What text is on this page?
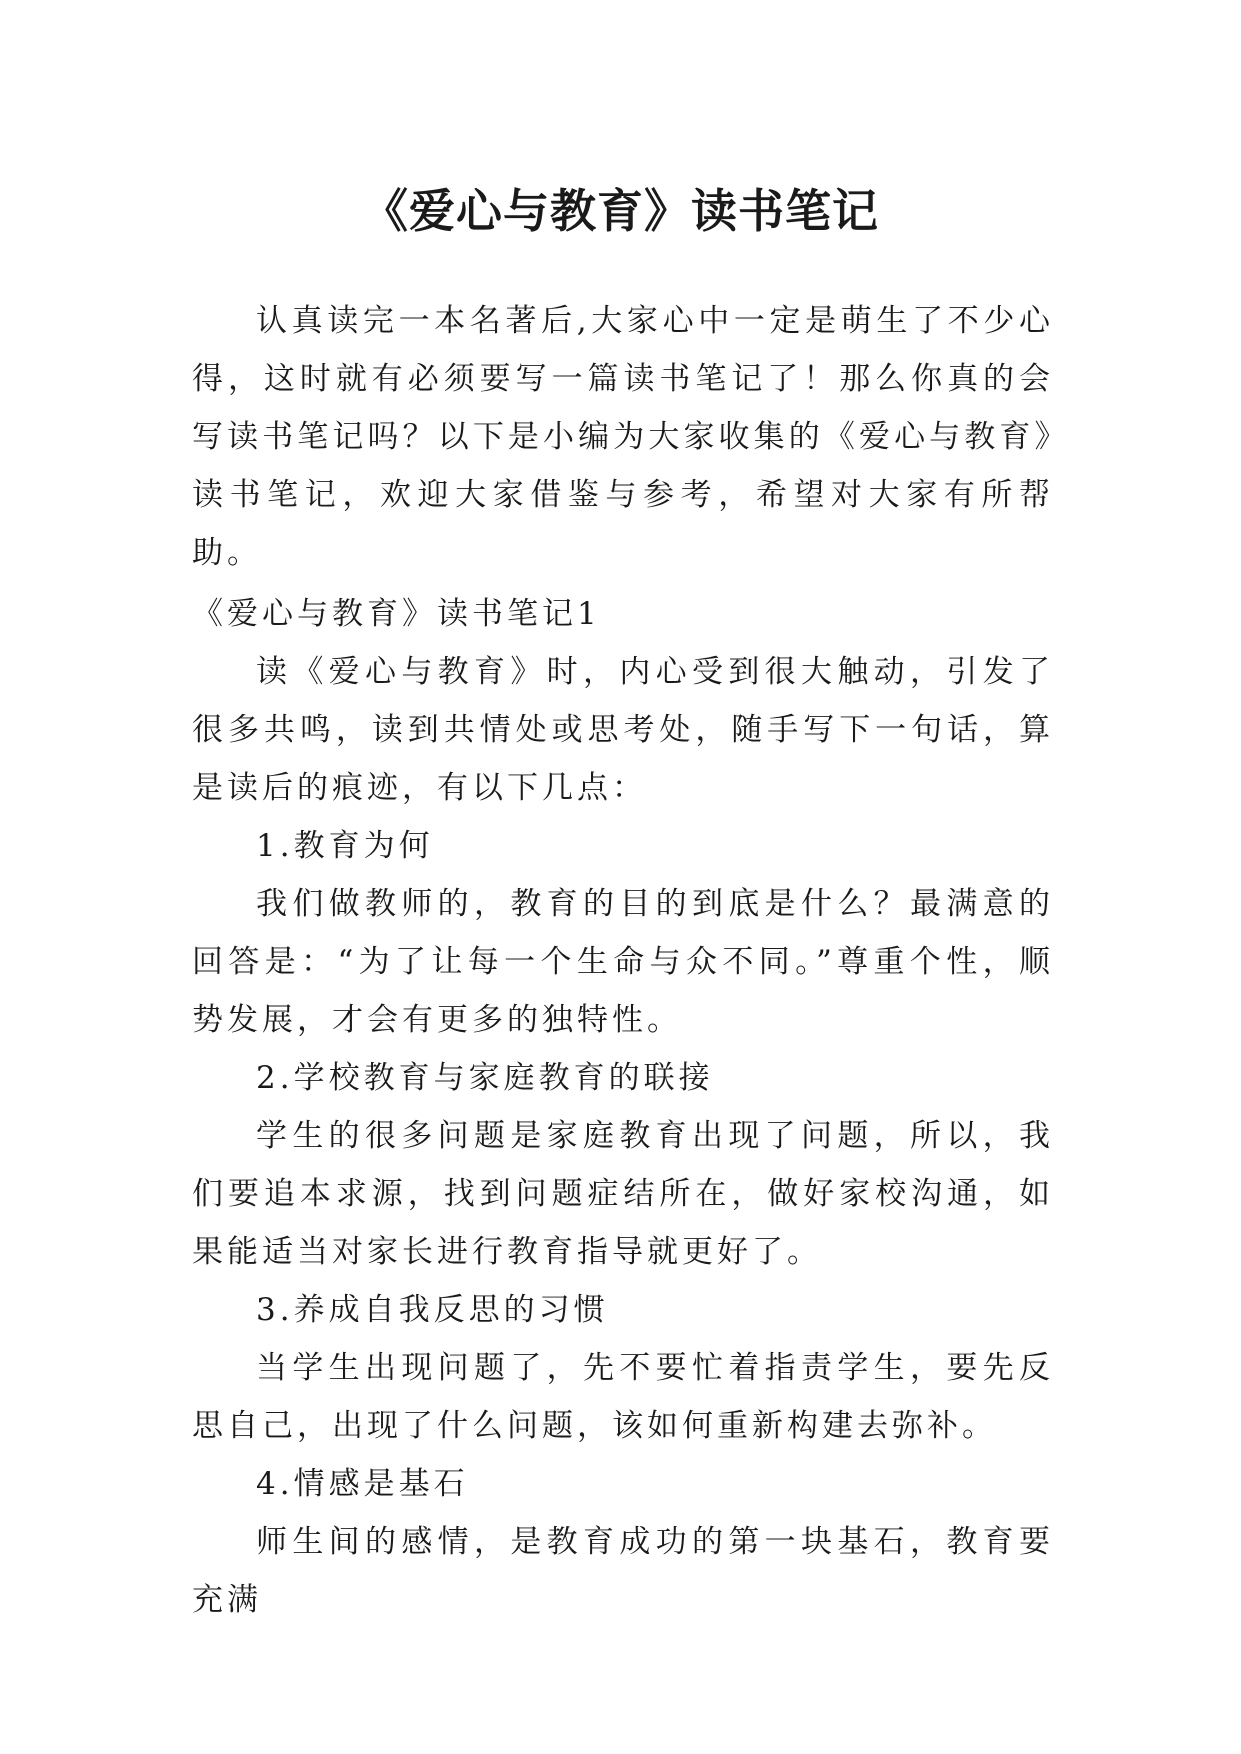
《爱心与教育》读书笔记

认真读完一本名著后,大家心中一定是萌生了不少心得，这时就有必须要写一篇读书笔记了！那么你真的会写读书笔记吗？以下是小编为大家收集的《爱心与教育》读书笔记，欢迎大家借鉴与参考，希望对大家有所帮助。

《爱心与教育》读书笔记1

读《爱心与教育》时，内心受到很大触动，引发了很多共鸣，读到共情处或思考处，随手写下一句话，算是读后的痕迹，有以下几点：

1.教育为何

我们做教师的，教育的目的到底是什么？最满意的回答是：“为了让每一个生命与众不同。”尊重个性，顺势发展，才会有更多的独特性。

2.学校教育与家庭教育的联接

学生的很多问题是家庭教育出现了问题，所以，我们要追本求源，找到问题症结所在，做好家校沟通，如果能适当对家长进行教育指导就更好了。

3.养成自我反思的习惯

当学生出现问题了，先不要忙着指责学生，要先反思自己，出现了什么问题，该如何重新构建去弥补。

4.情感是基石

师生间的感情，是教育成功的第一块基石，教育要充满
